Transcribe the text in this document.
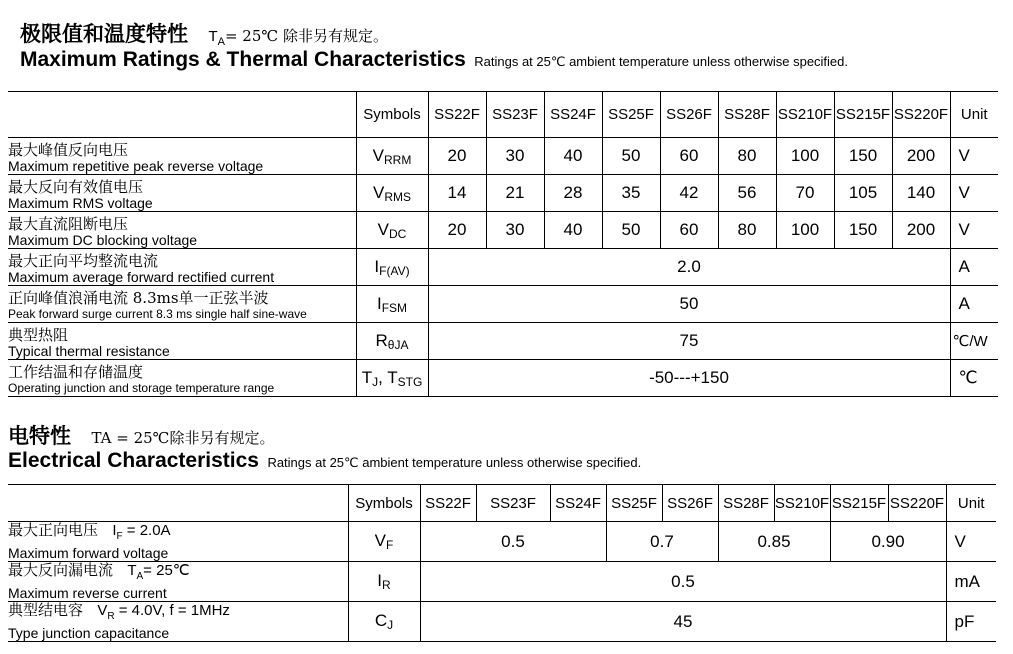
极限值和温度特性 $T_A=$ 25℃ 除非另有规定。
Maximum Ratings & Thermal Characteristics Ratings at 25℃ ambient temperature unless otherwise specified.
	Symbols	SS22F	SS23F	SS24F	SS25F	SS26F	SS28F	SS210F	SS215F	SS220F	Unit

最大峰值反向电压
Maximum repetitive peak reverse voltage	$V_{RRM}$	20	30	40	50	60	80	100	150	200	V

最大反向有效值电压
Maximum RMS voltage	$V_{RMS}$	14	21	28	35	42	56	70	105	140	V

最大直流阻断电压
Maximum DC blocking voltage	$V_{DC}$	20	30	40	50	60	80	100	150	200	V

最大正向平均整流电流
Maximum average forward rectified current	$I_{F(AV)}$	2.0									A

正向峰值浪涌电流 8.3ms单一正弦半波
Peak forward surge current 8.3 ms single half sine-wave	$I_{FSM}$	50									A

典型热阻
Typical thermal resistance	$R_{\theta JA}$	75									℃/W

工作结温和存储温度
Operating junction and storage temperature range	$T_J$, $T_{STG}$	-50---+150									℃
电特性 TA = 25℃除非另有规定。
Electrical Characteristics Ratings at 25℃ ambient temperature unless otherwise specified.
	Symbols	SS22F	SS23F	SS24F	SS25F	SS26F	SS28F	SS210F	SS215F	SS220F	Unit

最大正向电压 $I_F = 2.0A$
Maximum forward voltage	$V_F$	0.5			0.7		0.85		0.90		V

最大反向漏电流 $T_A=$ 25℃
Maximum reverse current	$I_R$	0.5									mA

典型结电容 $V_R = 4.0V$, f = 1MHz
Type junction capacitance	$C_J$	45									pF
